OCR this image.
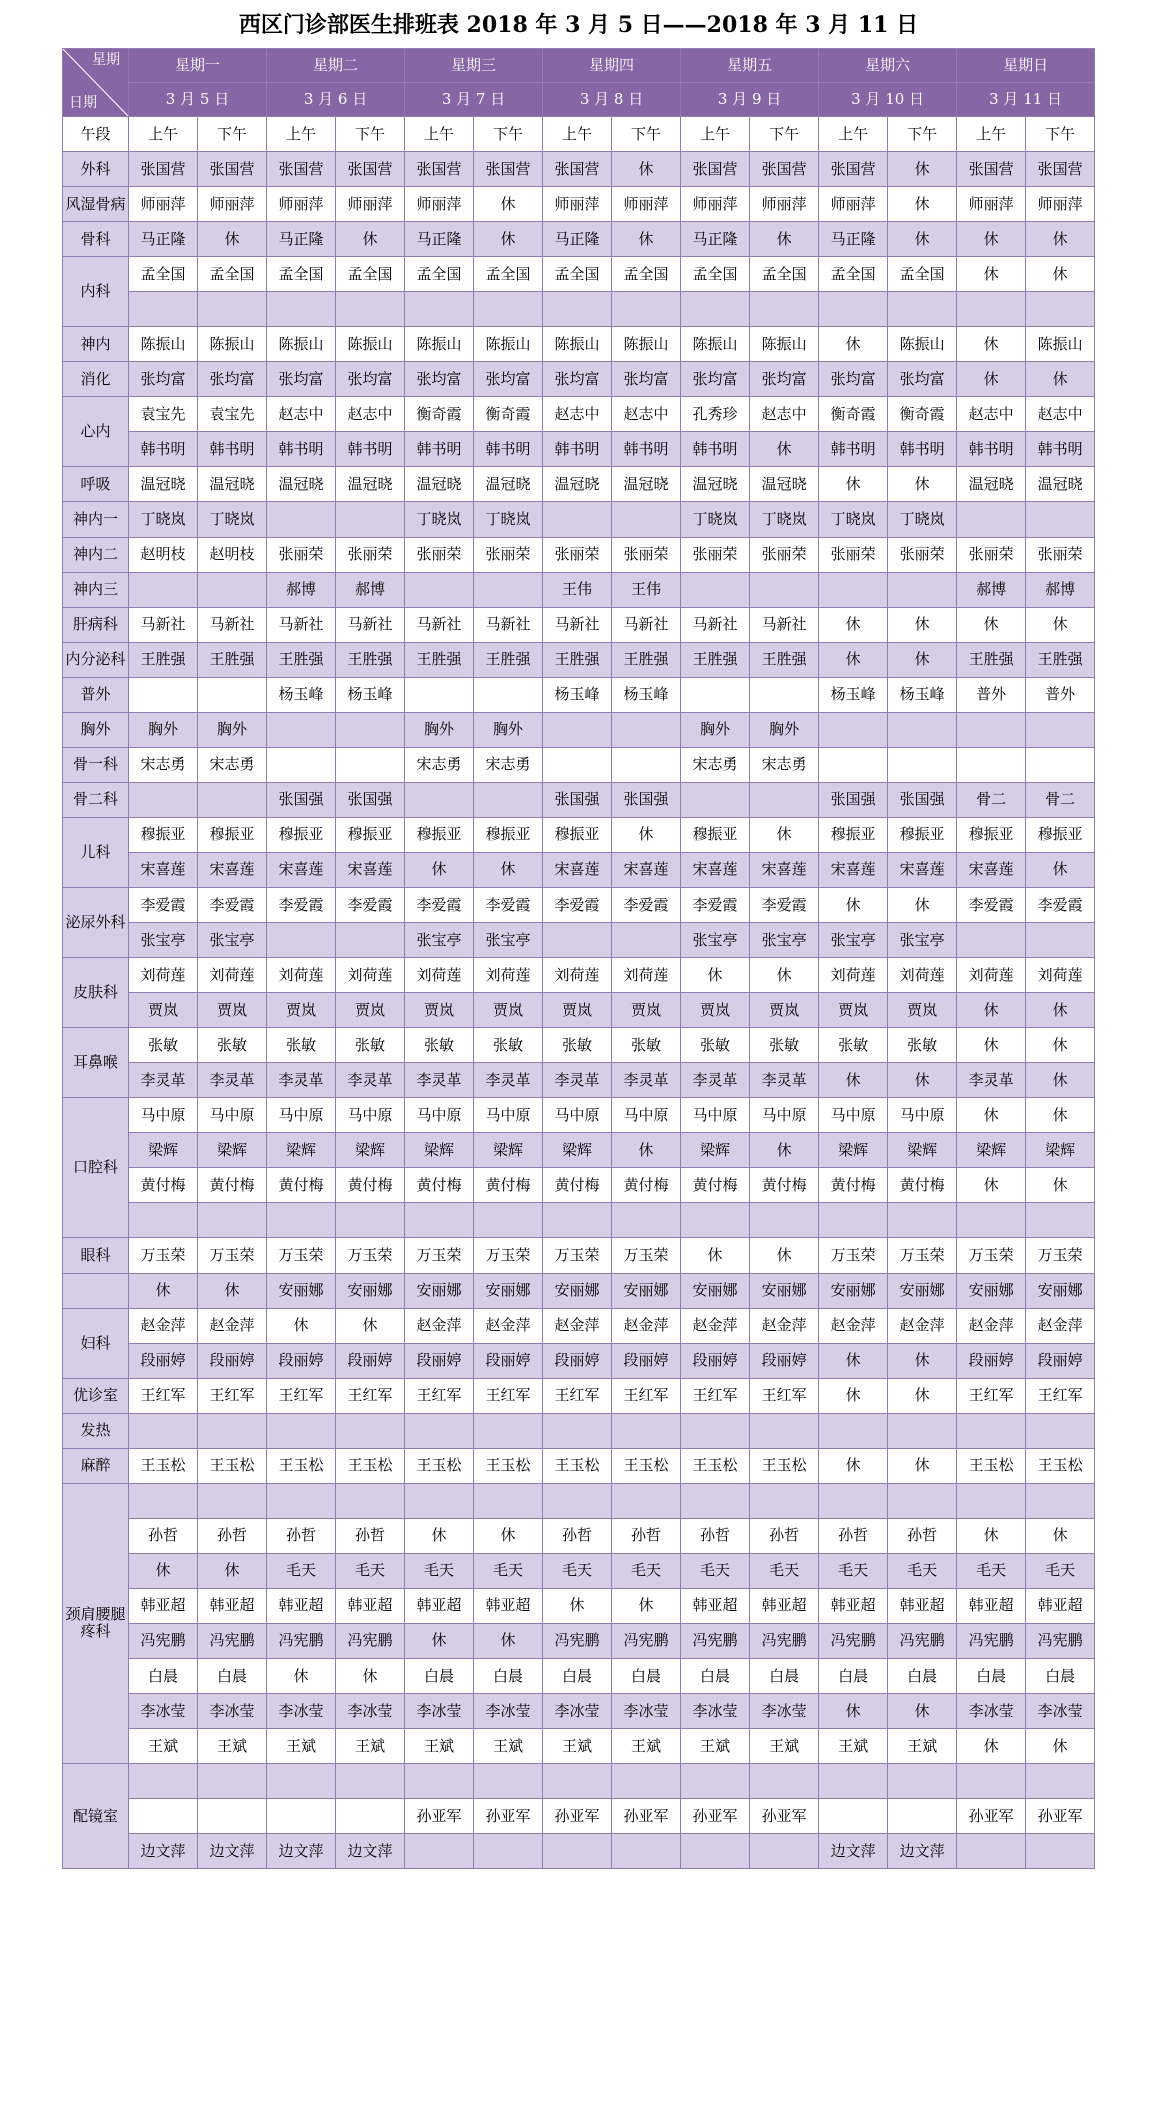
西区门诊部医生排班表 2018 年 3 月 5 日——2018 年 3 月 11 日
星期
日期	星期一		星期二		星期三		星期四		星期五		星期六		星期日	
	3 月 5 日		3 月 6 日		3 月 7 日		3 月 8 日		3 月 9 日		3 月 10 日		3 月 11 日	
午段	上午	下午	上午	下午	上午	下午	上午	下午	上午	下午	上午	下午	上午	下午
外科	张国营	张国营	张国营	张国营	张国营	张国营	张国营	休	张国营	张国营	张国营	休	张国营	张国营
风湿骨病	师丽萍	师丽萍	师丽萍	师丽萍	师丽萍	休	师丽萍	师丽萍	师丽萍	师丽萍	师丽萍	休	师丽萍	师丽萍
骨科	马正隆	休	马正隆	休	马正隆	休	马正隆	休	马正隆	休	马正隆	休	休	休
内科	孟全国	孟全国	孟全国	孟全国	孟全国	孟全国	孟全国	孟全国	孟全国	孟全国	孟全国	孟全国	休	休

神内	陈振山	陈振山	陈振山	陈振山	陈振山	陈振山	陈振山	陈振山	陈振山	陈振山	休	陈振山	休	陈振山
消化	张均富	张均富	张均富	张均富	张均富	张均富	张均富	张均富	张均富	张均富	张均富	张均富	休	休
心内	袁宝先	袁宝先	赵志中	赵志中	衡奇霞	衡奇霞	赵志中	赵志中	孔秀珍	赵志中	衡奇霞	衡奇霞	赵志中	赵志中
	韩书明	韩书明	韩书明	韩书明	韩书明	韩书明	韩书明	韩书明	韩书明	休	韩书明	韩书明	韩书明	韩书明
呼吸	温冠晓	温冠晓	温冠晓	温冠晓	温冠晓	温冠晓	温冠晓	温冠晓	温冠晓	温冠晓	休	休	温冠晓	温冠晓
神内一	丁晓岚	丁晓岚			丁晓岚	丁晓岚			丁晓岚	丁晓岚	丁晓岚	丁晓岚		
神内二	赵明枝	赵明枝	张丽荣	张丽荣	张丽荣	张丽荣	张丽荣	张丽荣	张丽荣	张丽荣	张丽荣	张丽荣	张丽荣	张丽荣
神内三			郝博	郝博			王伟	王伟					郝博	郝博
肝病科	马新社	马新社	马新社	马新社	马新社	马新社	马新社	马新社	马新社	马新社	休	休	休	休
内分泌科	王胜强	王胜强	王胜强	王胜强	王胜强	王胜强	王胜强	王胜强	王胜强	王胜强	休	休	王胜强	王胜强
普外			杨玉峰	杨玉峰			杨玉峰	杨玉峰			杨玉峰	杨玉峰	普外	普外
胸外	胸外	胸外			胸外	胸外			胸外	胸外				
骨一科	宋志勇	宋志勇			宋志勇	宋志勇			宋志勇	宋志勇				
骨二科			张国强	张国强			张国强	张国强			张国强	张国强	骨二	骨二
儿科	穆振亚	穆振亚	穆振亚	穆振亚	穆振亚	穆振亚	穆振亚	休	穆振亚	休	穆振亚	穆振亚	穆振亚	穆振亚
	宋喜莲	宋喜莲	宋喜莲	宋喜莲	休	休	宋喜莲	宋喜莲	宋喜莲	宋喜莲	宋喜莲	宋喜莲	宋喜莲	休
泌尿外科	李爱霞	李爱霞	李爱霞	李爱霞	李爱霞	李爱霞	李爱霞	李爱霞	李爱霞	李爱霞	休	休	李爱霞	李爱霞
	张宝亭	张宝亭			张宝亭	张宝亭			张宝亭	张宝亭	张宝亭	张宝亭		
皮肤科	刘荷莲	刘荷莲	刘荷莲	刘荷莲	刘荷莲	刘荷莲	刘荷莲	刘荷莲	休	休	刘荷莲	刘荷莲	刘荷莲	刘荷莲
	贾岚	贾岚	贾岚	贾岚	贾岚	贾岚	贾岚	贾岚	贾岚	贾岚	贾岚	贾岚	休	休
耳鼻喉	张敏	张敏	张敏	张敏	张敏	张敏	张敏	张敏	张敏	张敏	张敏	张敏	休	休
	李灵革	李灵革	李灵革	李灵革	李灵革	李灵革	李灵革	李灵革	李灵革	李灵革	休	休	李灵革	休
口腔科	马中原	马中原	马中原	马中原	马中原	马中原	马中原	马中原	马中原	马中原	马中原	马中原	休	休
	梁辉	梁辉	梁辉	梁辉	梁辉	梁辉	梁辉	休	梁辉	休	梁辉	梁辉	梁辉	梁辉
	黄付梅	黄付梅	黄付梅	黄付梅	黄付梅	黄付梅	黄付梅	黄付梅	黄付梅	黄付梅	黄付梅	黄付梅	休	休

眼科	万玉荣	万玉荣	万玉荣	万玉荣	万玉荣	万玉荣	万玉荣	万玉荣	休	休	万玉荣	万玉荣	万玉荣	万玉荣
	休	休	安丽娜	安丽娜	安丽娜	安丽娜	安丽娜	安丽娜	安丽娜	安丽娜	安丽娜	安丽娜	安丽娜	安丽娜
妇科	赵金萍	赵金萍	休	休	赵金萍	赵金萍	赵金萍	赵金萍	赵金萍	赵金萍	赵金萍	赵金萍	赵金萍	赵金萍
	段丽婷	段丽婷	段丽婷	段丽婷	段丽婷	段丽婷	段丽婷	段丽婷	段丽婷	段丽婷	休	休	段丽婷	段丽婷
优诊室	王红军	王红军	王红军	王红军	王红军	王红军	王红军	王红军	王红军	王红军	休	休	王红军	王红军
发热														
麻醉	王玉松	王玉松	王玉松	王玉松	王玉松	王玉松	王玉松	王玉松	王玉松	王玉松	休	休	王玉松	王玉松
颈肩腰腿疼科														
	孙哲	孙哲	孙哲	孙哲	休	休	孙哲	孙哲	孙哲	孙哲	孙哲	孙哲	休	休
	休	休	毛天	毛天	毛天	毛天	毛天	毛天	毛天	毛天	毛天	毛天	毛天	毛天
	韩亚超	韩亚超	韩亚超	韩亚超	韩亚超	韩亚超	休	休	韩亚超	韩亚超	韩亚超	韩亚超	韩亚超	韩亚超
	冯宪鹏	冯宪鹏	冯宪鹏	冯宪鹏	休	休	冯宪鹏	冯宪鹏	冯宪鹏	冯宪鹏	冯宪鹏	冯宪鹏	冯宪鹏	冯宪鹏
	白晨	白晨	休	休	白晨	白晨	白晨	白晨	白晨	白晨	白晨	白晨	白晨	白晨
	李冰莹	李冰莹	李冰莹	李冰莹	李冰莹	李冰莹	李冰莹	李冰莹	李冰莹	李冰莹	休	休	李冰莹	李冰莹
	王斌	王斌	王斌	王斌	王斌	王斌	王斌	王斌	王斌	王斌	王斌	王斌	休	休
配镜室														
					孙亚军	孙亚军	孙亚军	孙亚军	孙亚军	孙亚军			孙亚军	孙亚军
	边文萍	边文萍	边文萍	边文萍							边文萍	边文萍		
